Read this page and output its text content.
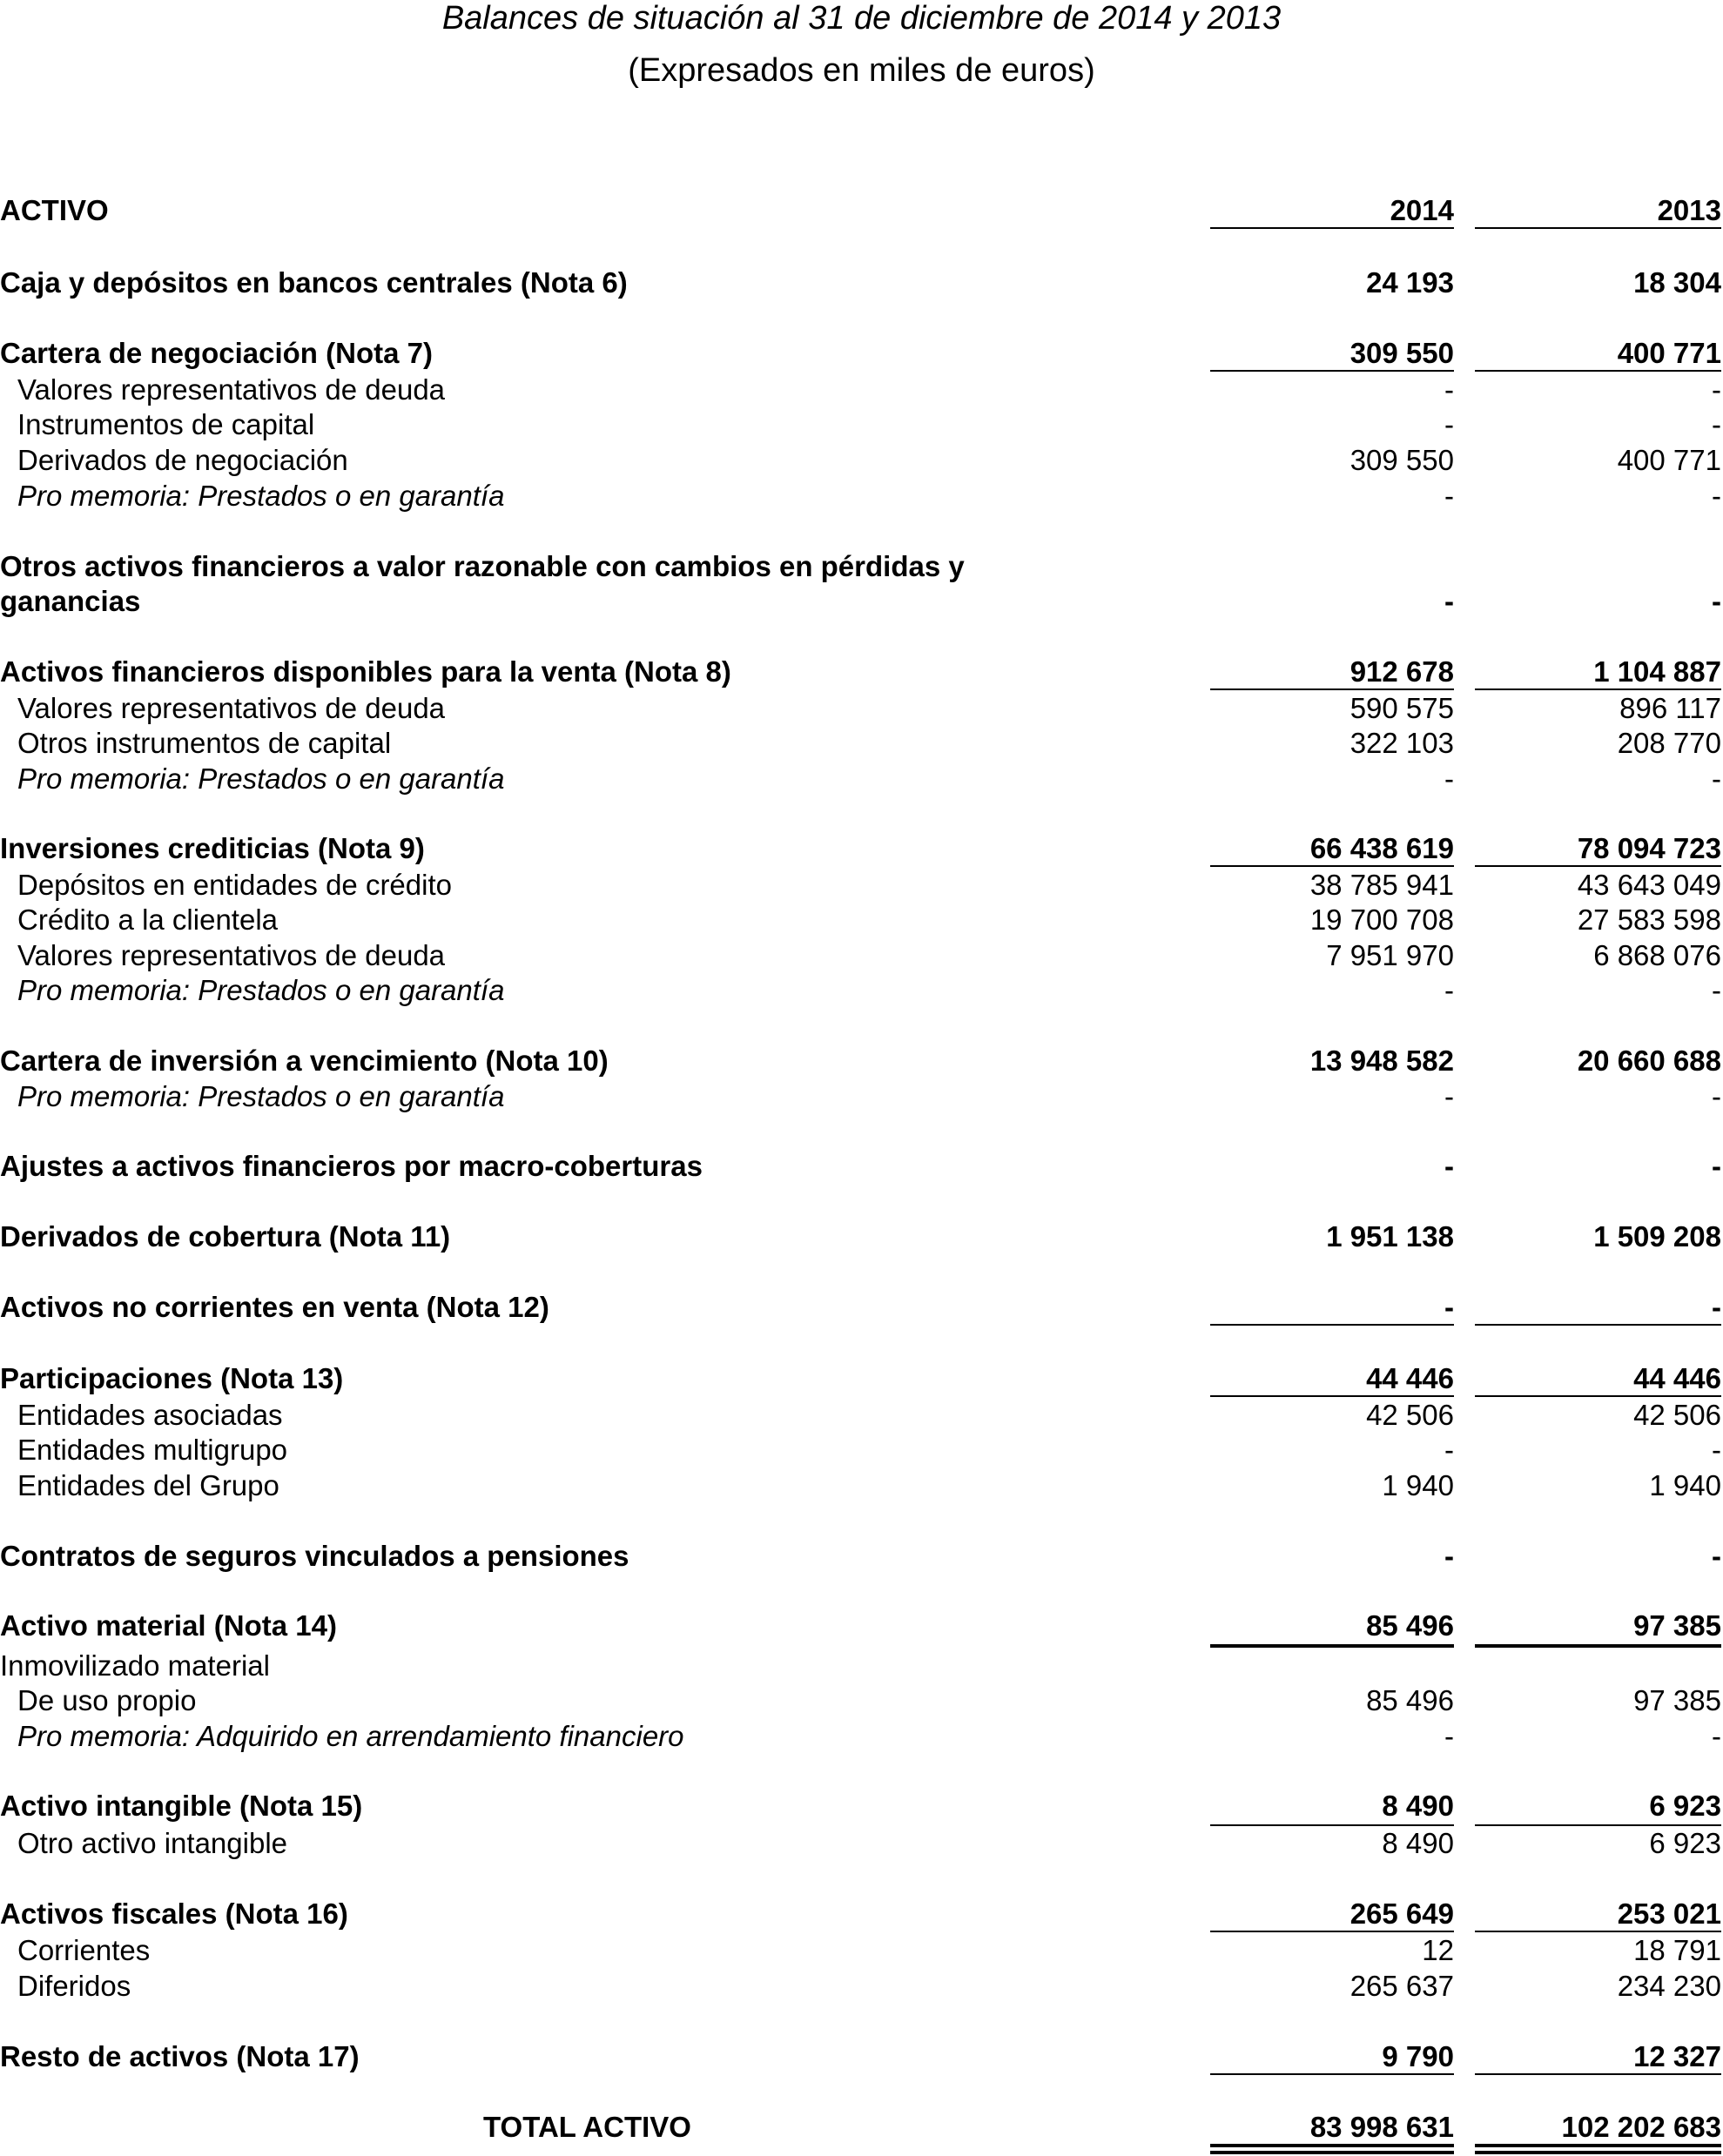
Balances de situación al 31 de diciembre de 2014 y 2013
(Expresados en miles de euros)
ACTIVO	2014	2013
Caja y depósitos en bancos centrales (Nota 6)	24 193	18 304
Cartera de negociación (Nota 7)	309 550	400 771
Valores representativos de deuda	-	-
Instrumentos de capital	-	-
Derivados de negociación	309 550	400 771
Pro memoria: Prestados o en garantía	-	-
Otros activos financieros a valor razonable con cambios en pérdidas y
ganancias	-	-
Activos financieros disponibles para la venta (Nota 8)	912 678	1 104 887
Valores representativos de deuda	590 575	896 117
Otros instrumentos de capital	322 103	208 770
Pro memoria: Prestados o en garantía	-	-
Inversiones crediticias (Nota 9)	66 438 619	78 094 723
Depósitos en entidades de crédito	38 785 941	43 643 049
Crédito a la clientela	19 700 708	27 583 598
Valores representativos de deuda	7 951 970	6 868 076
Pro memoria: Prestados o en garantía	-	-
Cartera de inversión a vencimiento (Nota 10)	13 948 582	20 660 688
Pro memoria: Prestados o en garantía	-	-
Ajustes a activos financieros por macro-coberturas	-	-
Derivados de cobertura (Nota 11)	1 951 138	1 509 208
Activos no corrientes en venta (Nota 12)	-	-
Participaciones (Nota 13)	44 446	44 446
Entidades asociadas	42 506	42 506
Entidades multigrupo	-	-
Entidades del Grupo	1 940	1 940
Contratos de seguros vinculados a pensiones	-	-
Activo material (Nota 14)	85 496	97 385
Inmovilizado material
De uso propio	85 496	97 385
Pro memoria: Adquirido en arrendamiento financiero	-	-
Activo intangible (Nota 15)	8 490	6 923
Otro activo intangible	8 490	6 923
Activos fiscales (Nota 16)	265 649	253 021
Corrientes	12	18 791
Diferidos	265 637	234 230
Resto de activos (Nota 17)	9 790	12 327
TOTAL ACTIVO	83 998 631	102 202 683
